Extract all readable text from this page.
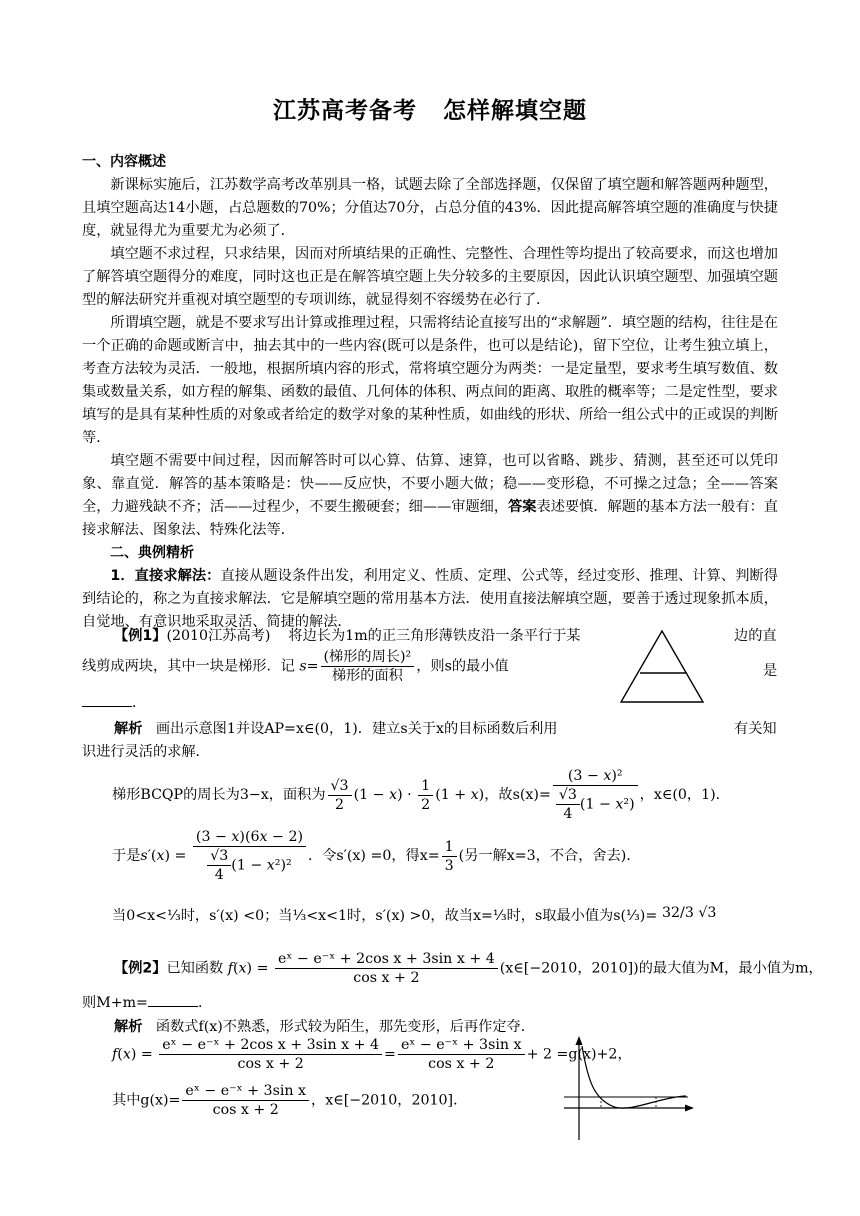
江苏高考备考 怎样解填空题
一、内容概述

新课标实施后，江苏数学高考改革别具一格，试题去除了全部选择题，仅保留了填空题和解答题两种题型，且填空题高达14小题，占总题数的70%；分值达70分，占总分值的43%．因此提高解答填空题的准确度与快捷度，就显得尤为重要尤为必须了．

填空题不求过程，只求结果，因而对所填结果的正确性、完整性、合理性等均提出了较高要求，而这也增加了解答填空题得分的难度，同时这也正是在解答填空题上失分较多的主要原因，因此认识填空题型、加强填空题型的解法研究并重视对填空题型的专项训练，就显得刻不容缓势在必行了．

所谓填空题，就是不要求写出计算或推理过程，只需将结论直接写出的“求解题”．填空题的结构，往往是在一个正确的命题或断言中，抽去其中的一些内容(既可以是条件，也可以是结论)，留下空位，让考生独立填上，考查方法较为灵活．一般地，根据所填内容的形式，常将填空题分为两类：一是定量型，要求考生填写数值、数集或数量关系，如方程的解集、函数的最值、几何体的体积、两点间的距离、取胜的概率等；二是定性型，要求填写的是具有某种性质的对象或者给定的数学对象的某种性质，如曲线的形状、所给一组公式中的正或误的判断等．

填空题不需要中间过程，因而解答时可以心算、估算、速算，也可以省略、跳步、猜测，甚至还可以凭印象、靠直觉．解答的基本策略是：快——反应快，不要小题大做；稳——变形稳，不可操之过急；全——答案全，力避残缺不齐；活——过程少，不要生搬硬套；细——审题细，答案表述要慎．解题的基本方法一般有：直接求解法、图象法、特殊化法等．

二、典例精析

1．直接求解法：直接从题设条件出发，利用定义、性质、定理、公式等，经过变形、推理、计算、判断得到结论的，称之为直接求解法．它是解填空题的常用基本方法．使用直接法解填空题，要善于透过现象抓本质，自觉地、有意识地采取灵活、简捷的解法．

【例1】(2010江苏高考) 将边长为1m的正三角形薄铁皮沿一条平行于某	边的直
线剪成两块，其中一块是梯形．记 $s= \frac{\text{(梯形的周长)²}}{\text{梯形的面积}}$ ，则s的最小值	是
．
解析 画出示意图1并设AP=x∈(0，1)．建立s关于x的目标函数后利用	有关知
识进行灵活的求解．
梯形BCQP的周长为3−x，面积为 $\frac{√3}{2} (1 - x) \cdot \frac{1}{2} (1 + x)$，故$s(x)= \frac{\text{(3 − x)²}}{\frac{√3}{4} (1 - x^2)}$ ，x∈(0，1)．
于是$s'(x) = \frac{(3 - x)(6x - 2)}{\frac{√3}{4} (1 - x^2)^2}$ ．令s′(x) =0，得$x= \frac{1}{3}$ (另一解x=3，不合，舍去)．
当0<x<⅓时，s′(x) <0；当⅓<x<1时，s′(x) >0，故当x=⅓时，s取最小值为s(⅓)= 32/3 √3
【例2】已知函数 $f(x) = \frac{\text{eˣ − e⁻ˣ + 2cos x + 3sin x + 4}}{\text{cos x + 2}}$ (x∈[−2010，2010])的最大值为M，最小值为m，
则M+m=	．
解析 函数式f(x)不熟悉，形式较为陌生，那先变形，后再作定夺．
$f(x) = \frac{\text{eˣ − e⁻ˣ + 2cos x + 3sin x + 4}}{\text{cos x + 2}} = \frac{\text{eˣ − e⁻ˣ + 3sin x}}{\text{cos x + 2}} + 2 =g(x)+2$，
其中$g(x)= \frac{\text{eˣ − e⁻ˣ + 3sin x}}{\text{cos x + 2}}$ ，x∈[−2010，2010]．
